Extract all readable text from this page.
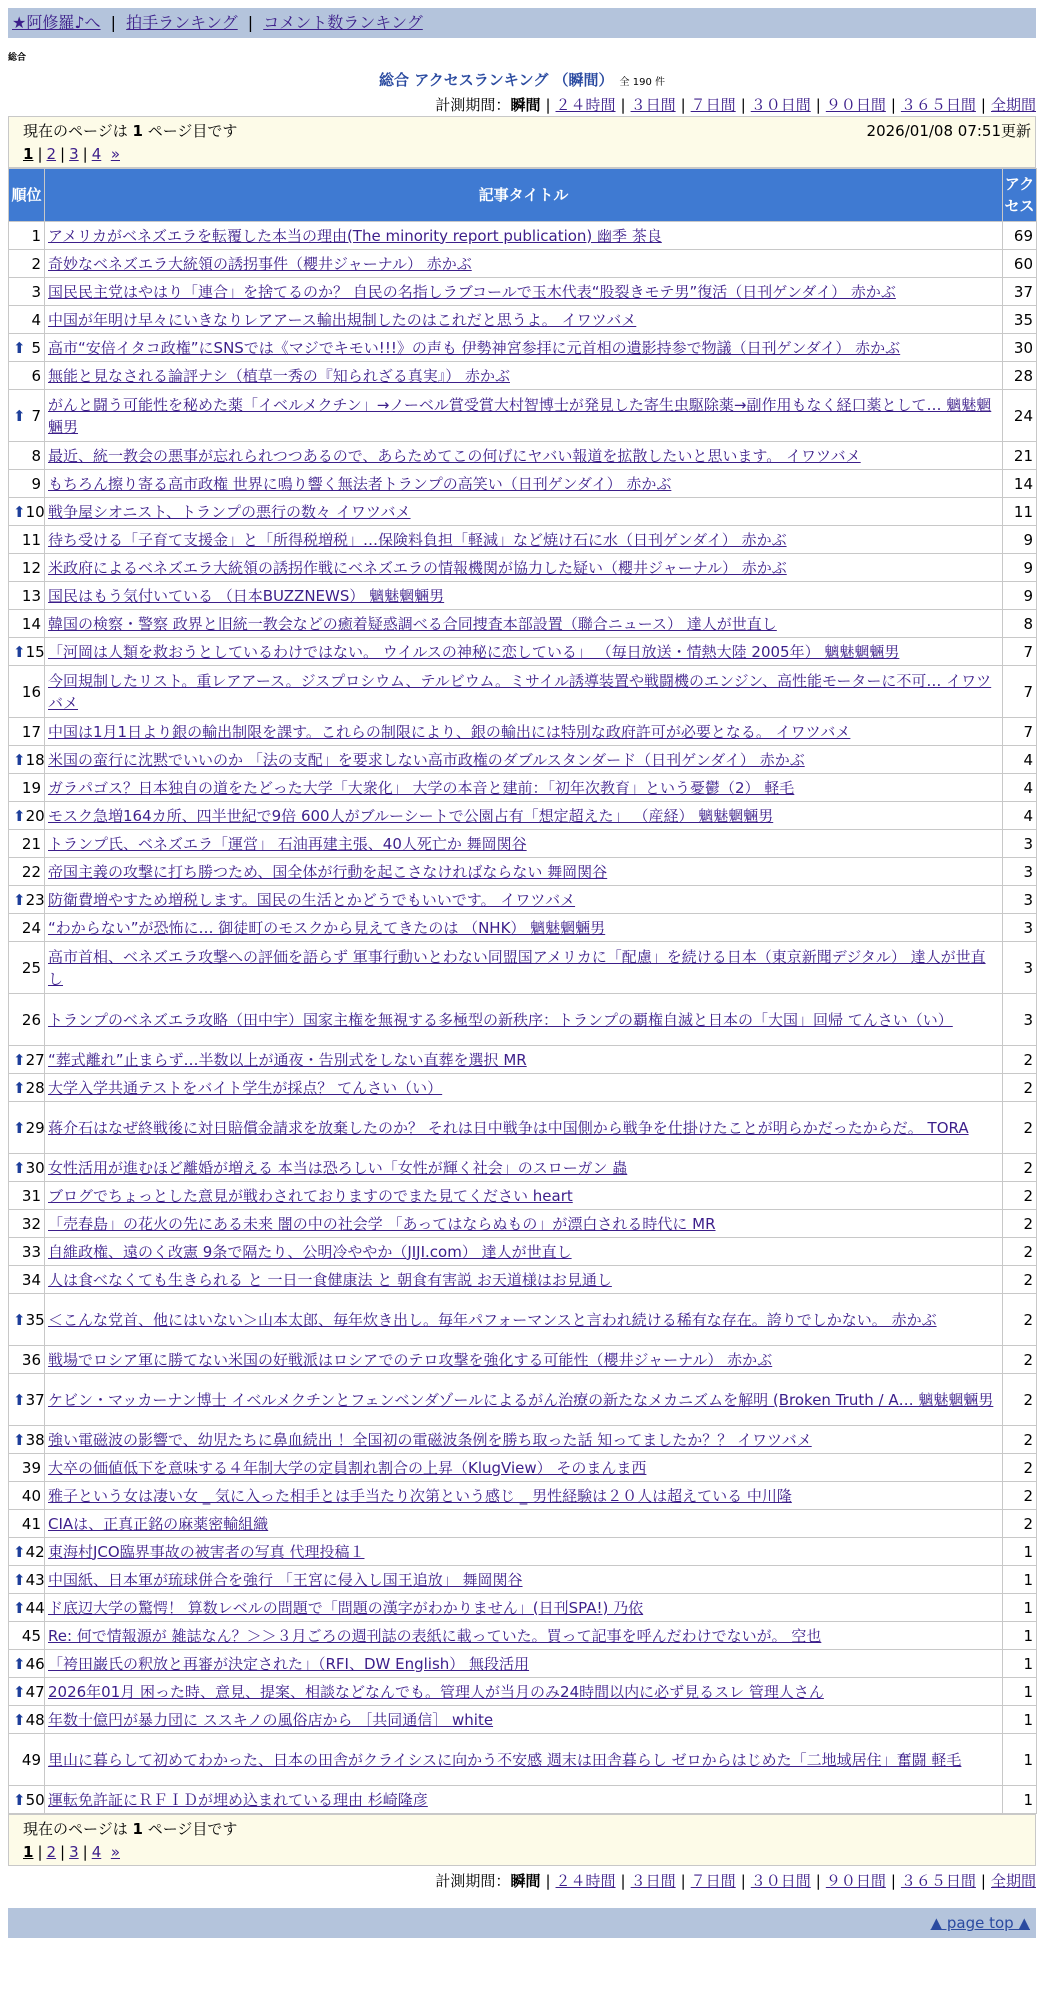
★阿修羅♪へ | 拍手ランキング | コメント数ランキング
総合
総合 アクセスランキング （瞬間） 全 190 件
計測期間：瞬間 | ２４時間 | ３日間 | ７日間 | ３０日間 | ９０日間 | ３６５日間 | 全期間
現在のページは 1 ページ目です	2026/01/08 07:51更新
1 | 2 | 3 | 4 »
順位	記事タイトル	アクセス
1	アメリカがベネズエラを転覆した本当の理由(The minority report publication) 幽季 茶良	69
2	奇妙なベネズエラ大統領の誘拐事件（櫻井ジャーナル） 赤かぶ	60
3	国民民主党はやはり「連合」を捨てるのか？ 自民の名指しラブコールで玉木代表“股裂きモテ男”復活（日刊ゲンダイ） 赤かぶ	37
4	中国が年明け早々にいきなりレアアース輸出規制したのはこれだと思うよ。 イワツバメ	35

⬆ 5	高市“安倍イタコ政権”にSNSでは《マジでキモい!!!》の声も 伊勢神宮参拝に元首相の遺影持参で物議（日刊ゲンダイ） 赤かぶ	30
6	無能と見なされる論評ナシ（植草一秀の『知られざる真実』） 赤かぶ	28

⬆ 7	がんと闘う可能性を秘めた薬「イベルメクチン」→ノーベル賞受賞大村智博士が発見した寄生虫駆除薬→副作用もなく経口薬として… 魑魅魍魎男	24
8	最近、統一教会の悪事が忘れられつつあるので、あらためてこの何げにヤバい報道を拡散したいと思います。 イワツバメ	21
9	もちろん擦り寄る高市政権 世界に鳴り響く無法者トランプの高笑い（日刊ゲンダイ） 赤かぶ	14

⬆ 10	戦争屋シオニスト、トランプの悪行の数々 イワツバメ	11
11	待ち受ける「子育て支援金」と「所得税増税」…保険料負担「軽減」など焼け石に水（日刊ゲンダイ） 赤かぶ	9
12	米政府によるベネズエラ大統領の誘拐作戦にベネズエラの情報機関が協力した疑い（櫻井ジャーナル） 赤かぶ	9
13	国民はもう気付いている （日本BUZZNEWS） 魑魅魍魎男	9
14	韓国の検察・警察 政界と旧統一教会などの癒着疑惑調べる合同捜査本部設置（聯合ニュース） 達人が世直し	8

⬆ 15	「河岡は人類を救おうとしているわけではない。 ウイルスの神秘に恋している」 （毎日放送・情熱大陸 2005年） 魑魅魍魎男	7
16	今回規制したリスト。重レアアース。ジスプロシウム、テルビウム。ミサイル誘導装置や戦闘機のエンジン、高性能モーターに不可… イワツバメ	7
17	中国は1月1日より銀の輸出制限を課す。これらの制限により、銀の輸出には特別な政府許可が必要となる。 イワツバメ	7

⬆ 18	米国の蛮行に沈黙でいいのか 「法の支配」を要求しない高市政権のダブルスタンダード（日刊ゲンダイ） 赤かぶ	4
19	ガラパゴス？日本独自の道をたどった大学「大衆化」 大学の本音と建前：「初年次教育」という憂鬱（2） 軽毛	4

⬆ 20	モスク急増164カ所、四半世紀で9倍 600人がブルーシートで公園占有「想定超えた」 （産経） 魑魅魍魎男	4
21	トランプ氏、ベネズエラ「運営」 石油再建主張、40人死亡か 舞岡関谷	3
22	帝国主義の攻撃に打ち勝つため、国全体が行動を起こさなければならない 舞岡関谷	3

⬆ 23	防衛費増やすため増税します。国民の生活とかどうでもいいです。 イワツバメ	3
24	“わからない”が恐怖に… 御徒町のモスクから見えてきたのは （NHK） 魑魅魍魎男	3
25	高市首相、ベネズエラ攻撃への評価を語らず 軍事行動いとわない同盟国アメリカに「配慮」を続ける日本（東京新聞デジタル） 達人が世直し	3
26	トランプのベネズエラ攻略（田中宇）国家主権を無視する多極型の新秩序：トランプの覇権自滅と日本の「大国」回帰 てんさい（い）	3

⬆ 27	“葬式離れ”止まらず…半数以上が通夜・告別式をしない直葬を選択 MR	2

⬆ 28	大学入学共通テストをバイト学生が採点？ てんさい（い）	2

⬆ 29	蒋介石はなぜ終戦後に対日賠償金請求を放棄したのか？ それは日中戦争は中国側から戦争を仕掛けたことが明らかだったからだ。 TORA	2

⬆ 30	女性活用が進むほど離婚が増える 本当は恐ろしい「女性が輝く社会」のスローガン 蟲	2
31	ブログでちょっとした意見が戦わされておりますのでまた見てください heart	2
32	「売春島」の花火の先にある未来 闇の中の社会学 「あってはならぬもの」が漂白される時代に MR	2
33	自維政権、遠のく改憲 9条で隔たり、公明冷ややか（JIJI.com） 達人が世直し	2
34	人は食べなくても生きられる と 一日一食健康法 と 朝食有害説 お天道様はお見通し	2

⬆ 35	＜こんな党首、他にはいない＞山本太郎、毎年炊き出し。毎年パフォーマンスと言われ続ける稀有な存在。誇りでしかない。 赤かぶ	2
36	戦場でロシア軍に勝てない米国の好戦派はロシアでのテロ攻撃を強化する可能性（櫻井ジャーナル） 赤かぶ	2

⬆ 37	ケビン・マッカーナン博士 イベルメクチンとフェンベンダゾールによるがん治療の新たなメカニズムを解明 (Broken Truth / A… 魑魅魍魎男	2

⬆ 38	強い電磁波の影響で、幼児たちに鼻血続出 ！全国初の電磁波条例を勝ち取った話 知ってましたか？？ イワツバメ	2
39	大卒の価値低下を意味する４年制大学の定員割れ割合の上昇（KlugView） そのまんま西	2
40	雅子という女は凄い女 _ 気に入った相手とは手当たり次第という感じ _ 男性経験は２０人は超えている 中川隆	2
41	CIAは、正真正銘の麻薬密輸組織	2

⬆ 42	東海村JCO臨界事故の被害者の写真 代理投稿１	1

⬆ 43	中国紙、日本軍が琉球併合を強行 「王宮に侵入し国王追放」 舞岡関谷	1

⬆ 44	ド底辺大学の驚愕！ 算数レベルの問題で「問題の漢字がわかりません」(日刊SPA!) 乃依	1
45	Re: 何で情報源が 雑誌なん？＞＞３月ごろの週刊誌の表紙に載っていた。買って記事を呼んだわけでないが。 空也	1

⬆ 46	「袴田巌氏の釈放と再審が決定された」（RFI、DW English） 無段活用	1

⬆ 47	2026年01月 困った時、意見、提案、相談などなんでも。管理人が当月のみ24時間以内に必ず見るスレ 管理人さん	1

⬆ 48	年数十億円が暴力団に ススキノの風俗店から ［共同通信］ white	1
49	里山に暮らして初めてわかった、日本の田舎がクライシスに向かう不安感 週末は田舎暮らし ゼロからはじめた「二地域居住」奮闘 軽毛	1

⬆ 50	運転免許証にＲＦＩＤが埋め込まれている理由 杉崎隆彦	1
現在のページは 1 ページ目です
1 | 2 | 3 | 4 »
計測期間：瞬間 | ２４時間 | ３日間 | ７日間 | ３０日間 | ９０日間 | ３６５日間 | 全期間
▲ page top ▲
